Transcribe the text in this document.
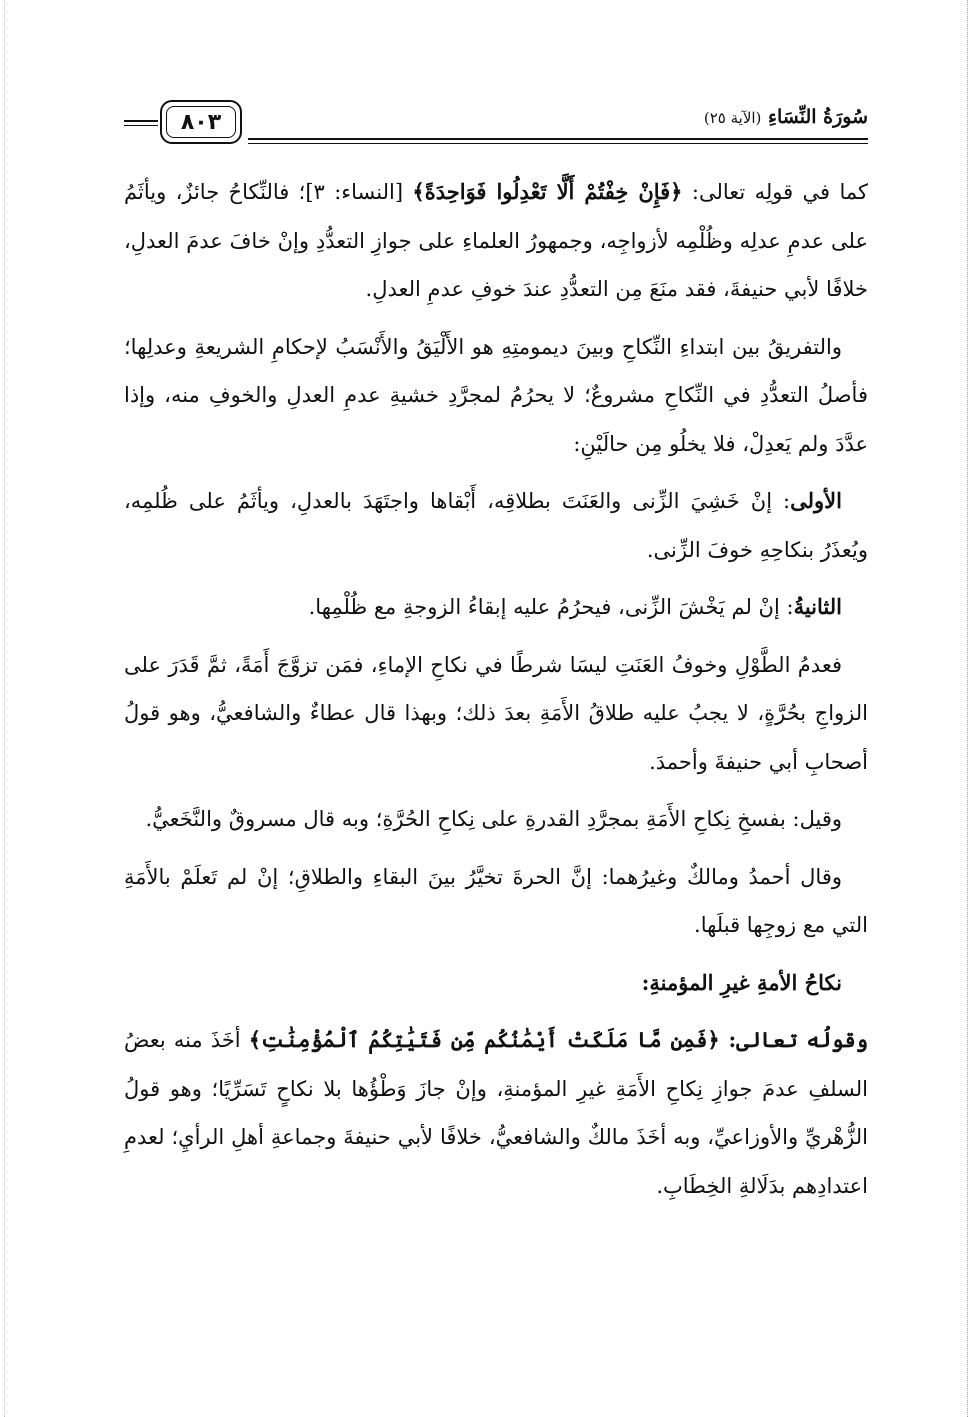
سُورَةُ النِّسَاءِ (الآية ٢٥)
٨٠٣

كما في قولِه تعالى: ﴿فَإِنْ خِفْتُمْ أَلَّا تَعْدِلُوا فَوَاحِدَةً﴾ [النساء: ٣]؛ فالنِّكاحُ جائزٌ، ويأثَمُ على عدمِ عدلِه وظُلْمِه لأزواجِه، وجمهورُ العلماءِ على جوازِ التعدُّدِ وإنْ خافَ عدمَ العدلِ، خلافًا لأبي حنيفةَ، فقد منَعَ مِن التعدُّدِ عندَ خوفِ عدمِ العدلِ.

والتفريقُ بين ابتداءِ النِّكاحِ وبينَ ديمومتِهِ هو الأَلْيَقُ والأَنْسَبُ لإحكامِ الشريعةِ وعدلِها؛ فأصلُ التعدُّدِ في النِّكاحِ مشروعٌ؛ لا يحرُمُ لمجرَّدِ خشيةِ عدمِ العدلِ والخوفِ منه، وإذا عدَّدَ ولم يَعدِلْ، فلا يخلُو مِن حالَيْنِ:

الأولى: إنْ خَشِيَ الزِّنى والعَنَتَ بطلاقِه، أَبْقاها واجتَهَدَ بالعدلِ، ويأثَمُ على ظُلمِه، ويُعذَرُ بنكاحِهِ خوفَ الزِّنى.

الثانيةُ: إنْ لم يَخْشَ الزِّنى، فيحرُمُ عليه إبقاءُ الزوجةِ مع ظُلْمِها.

فعدمُ الطَّوْلِ وخوفُ العَنَتِ ليسَا شرطًا في نكاحِ الإماءِ، فمَن تزوَّجَ أَمَةً، ثمَّ قَدَرَ على الزواجِ بحُرَّةٍ، لا يجبُ عليه طلاقُ الأَمَةِ بعدَ ذلك؛ وبهذا قال عطاءٌ والشافعيُّ، وهو قولُ أصحابِ أبي حنيفةَ وأحمدَ.

وقيل: بفسخِ نِكاحِ الأَمَةِ بمجرَّدِ القدرةِ على نِكاحِ الحُرَّةِ؛ وبه قال مسروقٌ والنَّخَعيُّ.

وقال أحمدُ ومالكٌ وغيرُهما: إنَّ الحرةَ تخيَّرُ بينَ البقاءِ والطلاقِ؛ إنْ لم تَعلَمْ بالأَمَةِ التي مع زوجِها قبلَها.

نكاحُ الأمةِ غيرِ المؤمنةِ:

وقولُه تعالى: ﴿فَمِن مَّا مَلَكَتْ أَيْمَٰنُكُم مِّن فَتَيَٰتِكُمُ ٱلْمُؤْمِنَٰتِ﴾ أخَذَ منه بعضُ السلفِ عدمَ جوازِ نِكاحِ الأَمَةِ غيرِ المؤمنةِ، وإنْ جازَ وَطْؤُها بلا نكاحٍ تَسَرِّيًا؛ وهو قولُ الزُّهْريِّ والأوزاعيِّ، وبه أخَذَ مالكٌ والشافعيُّ، خلافًا لأبي حنيفةَ وجماعةِ أهلِ الرأيِ؛ لعدمِ اعتدادِهم بدَلَالةِ الخِطَابِ.
